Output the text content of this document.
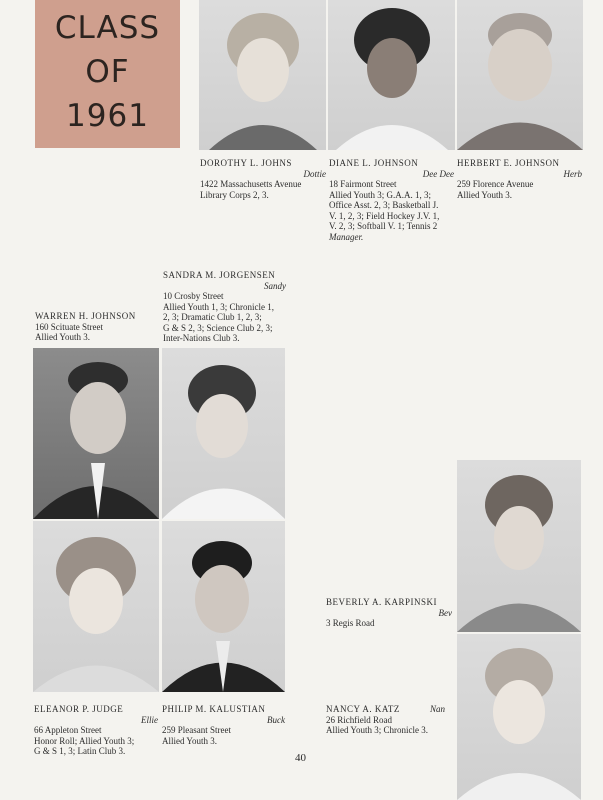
CLASS
OF
1961
DOROTHY L. JOHNS
Dottie
1422 Massachusetts Avenue
Library Corps 2, 3.
DIANE L. JOHNSON
Dee Dee
18 Fairmont Street
Allied Youth 3; G.A.A. 1, 3;
Office Asst. 2, 3; Basketball J.
V. 1, 2, 3; Field Hockey J.V. 1,
V. 2, 3; Softball V. 1; Tennis 2
Manager.
HERBERT E. JOHNSON
Herb
259 Florence Avenue
Allied Youth 3.
SANDRA M. JORGENSEN
Sandy
10 Crosby Street
Allied Youth 1, 3; Chronicle 1,
2, 3; Dramatic Club 1, 2, 3;
G & S 2, 3; Science Club 2, 3;
Inter-Nations Club 3.
WARREN H. JOHNSON
160 Scituate Street
Allied Youth 3.
BEVERLY A. KARPINSKI
Bev
3 Regis Road
ELEANOR P. JUDGE
Ellie
66 Appleton Street
Honor Roll; Allied Youth 3;
G & S 1, 3; Latin Club 3.
PHILIP M. KALUSTIAN
Buck
259 Pleasant Street
Allied Youth 3.
NANCY A. KATZ
26 Richfield Road
Allied Youth 3; Chronicle 3.
Nan
40
